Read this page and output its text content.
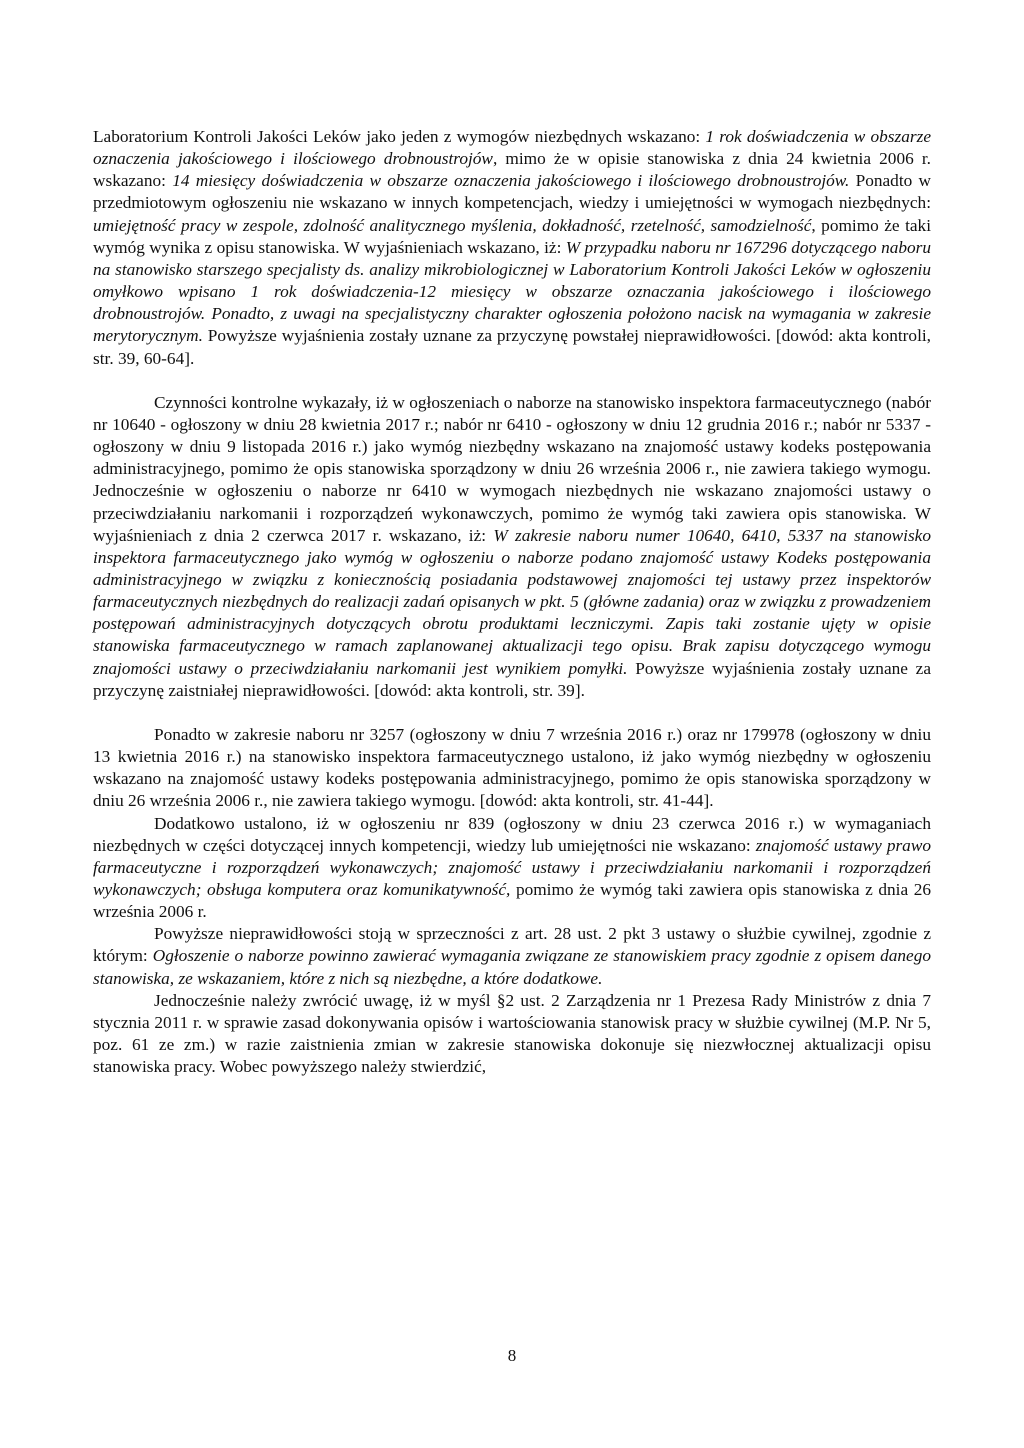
Laboratorium Kontroli Jakości Leków jako jeden z wymogów niezbędnych wskazano: 1 rok doświadczenia w obszarze oznaczenia jakościowego i ilościowego drobnoustrojów, mimo że w opisie stanowiska z dnia 24 kwietnia 2006 r. wskazano: 14 miesięcy doświadczenia w obszarze oznaczenia jakościowego i ilościowego drobnoustrojów. Ponadto w przedmiotowym ogłoszeniu nie wskazano w innych kompetencjach, wiedzy i umiejętności w wymogach niezbędnych: umiejętność pracy w zespole, zdolność analitycznego myślenia, dokładność, rzetelność, samodzielność, pomimo że taki wymóg wynika z opisu stanowiska. W wyjaśnieniach wskazano, iż: W przypadku naboru nr 167296 dotyczącego naboru na stanowisko starszego specjalisty ds. analizy mikrobiologicznej w Laboratorium Kontroli Jakości Leków w ogłoszeniu omyłkowo wpisano 1 rok doświadczenia-12 miesięcy w obszarze oznaczania jakościowego i ilościowego drobnoustrojów. Ponadto, z uwagi na specjalistyczny charakter ogłoszenia położono nacisk na wymagania w zakresie merytorycznym. Powyższe wyjaśnienia zostały uznane za przyczynę powstałej nieprawidłowości. [dowód: akta kontroli, str. 39, 60-64].

Czynności kontrolne wykazały, iż w ogłoszeniach o naborze na stanowisko inspektora farmaceutycznego (nabór nr 10640 - ogłoszony w dniu 28 kwietnia 2017 r.; nabór nr 6410 - ogłoszony w dniu 12 grudnia 2016 r.; nabór nr 5337 - ogłoszony w dniu 9 listopada 2016 r.) jako wymóg niezbędny wskazano na znajomość ustawy kodeks postępowania administracyjnego, pomimo że opis stanowiska sporządzony w dniu 26 września 2006 r., nie zawiera takiego wymogu. Jednocześnie w ogłoszeniu o naborze nr 6410 w wymogach niezbędnych nie wskazano znajomości ustawy o przeciwdziałaniu narkomanii i rozporządzeń wykonawczych, pomimo że wymóg taki zawiera opis stanowiska. W wyjaśnieniach z dnia 2 czerwca 2017 r. wskazano, iż: W zakresie naboru numer 10640, 6410, 5337 na stanowisko inspektora farmaceutycznego jako wymóg w ogłoszeniu o naborze podano znajomość ustawy Kodeks postępowania administracyjnego w związku z koniecznością posiadania podstawowej znajomości tej ustawy przez inspektorów farmaceutycznych niezbędnych do realizacji zadań opisanych w pkt. 5 (główne zadania) oraz w związku z prowadzeniem postępowań administracyjnych dotyczących obrotu produktami leczniczymi. Zapis taki zostanie ujęty w opisie stanowiska farmaceutycznego w ramach zaplanowanej aktualizacji tego opisu. Brak zapisu dotyczącego wymogu znajomości ustawy o przeciwdziałaniu narkomanii jest wynikiem pomyłki. Powyższe wyjaśnienia zostały uznane za przyczynę zaistniałej nieprawidłowości. [dowód: akta kontroli, str. 39].

Ponadto w zakresie naboru nr 3257 (ogłoszony w dniu 7 września 2016 r.) oraz nr 179978 (ogłoszony w dniu 13 kwietnia 2016 r.) na stanowisko inspektora farmaceutycznego ustalono, iż jako wymóg niezbędny w ogłoszeniu wskazano na znajomość ustawy kodeks postępowania administracyjnego, pomimo że opis stanowiska sporządzony w dniu 26 września 2006 r., nie zawiera takiego wymogu. [dowód: akta kontroli, str. 41-44].

Dodatkowo ustalono, iż w ogłoszeniu nr 839 (ogłoszony w dniu 23 czerwca 2016 r.) w wymaganiach niezbędnych w części dotyczącej innych kompetencji, wiedzy lub umiejętności nie wskazano: znajomość ustawy prawo farmaceutyczne i rozporządzeń wykonawczych; znajomość ustawy i przeciwdziałaniu narkomanii i rozporządzeń wykonawczych; obsługa komputera oraz komunikatywność, pomimo że wymóg taki zawiera opis stanowiska z dnia 26 września 2006 r.

Powyższe nieprawidłowości stoją w sprzeczności z art. 28 ust. 2 pkt 3 ustawy o służbie cywilnej, zgodnie z którym: Ogłoszenie o naborze powinno zawierać wymagania związane ze stanowiskiem pracy zgodnie z opisem danego stanowiska, ze wskazaniem, które z nich są niezbędne, a które dodatkowe.

Jednocześnie należy zwrócić uwagę, iż w myśl §2 ust. 2 Zarządzenia nr 1 Prezesa Rady Ministrów z dnia 7 stycznia 2011 r. w sprawie zasad dokonywania opisów i wartościowania stanowisk pracy w służbie cywilnej (M.P. Nr 5, poz. 61 ze zm.) w razie zaistnienia zmian w zakresie stanowiska dokonuje się niezwłocznej aktualizacji opisu stanowiska pracy. Wobec powyższego należy stwierdzić,

8
